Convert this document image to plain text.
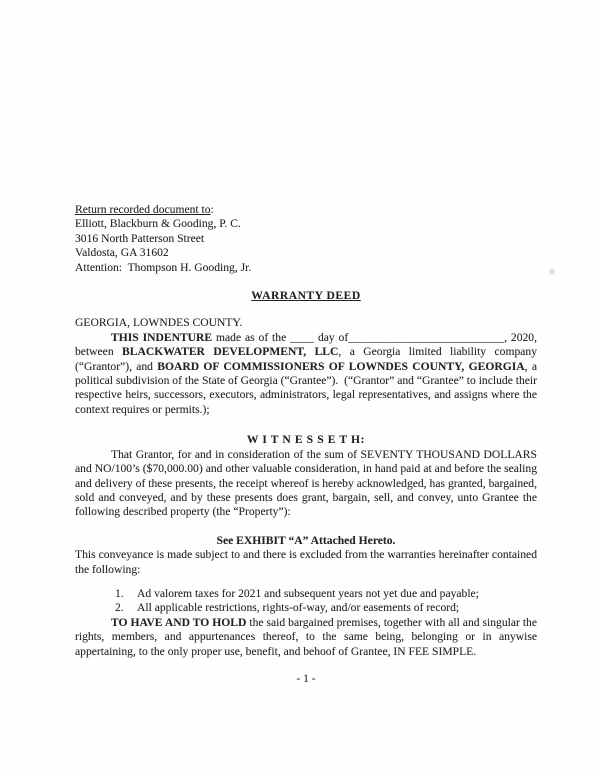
Return recorded document to:
Elliott, Blackburn & Gooding, P. C.
3016 North Patterson Street
Valdosta, GA 31602
Attention:  Thompson H. Gooding, Jr.
WARRANTY DEED
GEORGIA, LOWNDES COUNTY.

THIS INDENTURE made as of the ____ day of__________________________, 2020, between BLACKWATER DEVELOPMENT, LLC, a Georgia limited liability company (“Grantor”), and BOARD OF COMMISSIONERS OF LOWNDES COUNTY, GEORGIA, a political subdivision of the State of Georgia (“Grantee”).  (“Grantor” and “Grantee” to include their respective heirs, successors, executors, administrators, legal representatives, and assigns where the context requires or permits.);

W I T N E S S E T H:

That Grantor, for and in consideration of the sum of SEVENTY THOUSAND DOLLARS and NO/100’s ($70,000.00) and other valuable consideration, in hand paid at and before the sealing and delivery of these presents, the receipt whereof is hereby acknowledged, has granted, bargained, sold and conveyed, and by these presents does grant, bargain, sell, and convey, unto Grantee the following described property (the “Property”):

See EXHIBIT “A” Attached Hereto.

This conveyance is made subject to and there is excluded from the warranties hereinafter contained the following:

1.	Ad valorem taxes for 2021 and subsequent years not yet due and payable;
2.	All applicable restrictions, rights-of-way, and/or easements of record;

TO HAVE AND TO HOLD the said bargained premises, together with all and singular the rights, members, and appurtenances thereof, to the same being, belonging or in anywise appertaining, to the only proper use, benefit, and behoof of Grantee, IN FEE SIMPLE.

- 1 -
